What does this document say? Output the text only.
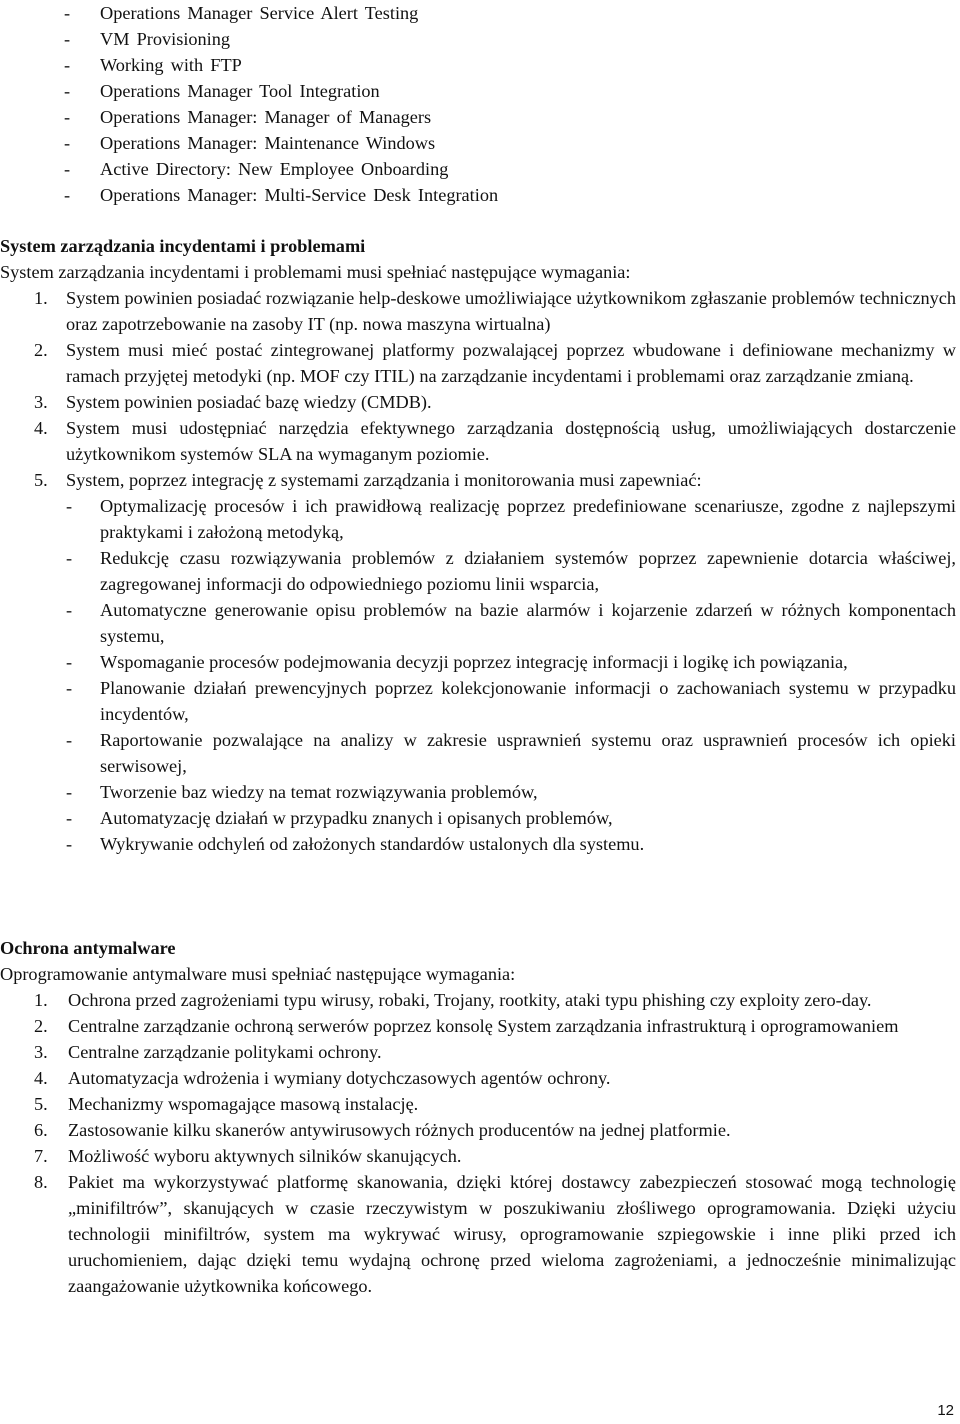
-	Operations Manager Service Alert Testing
-	VM Provisioning
-	Working with FTP
-	Operations Manager Tool Integration
-	Operations Manager: Manager of Managers
-	Operations Manager: Maintenance Windows
-	Active Directory: New Employee Onboarding
-	Operations Manager: Multi-Service Desk Integration

System zarządzania incydentami i problemami

System zarządzania incydentami i problemami musi spełniać następujące wymagania:

1. System powinien posiadać rozwiązanie help-deskowe umożliwiające użytkownikom zgłaszanie problemów technicznych oraz zapotrzebowanie na zasoby IT (np. nowa maszyna wirtualna)
2. System musi mieć postać zintegrowanej platformy pozwalającej poprzez wbudowane i definiowane mechanizmy w ramach przyjętej metodyki (np. MOF czy ITIL) na zarządzanie incydentami i problemami oraz zarządzanie zmianą.
3. System powinien posiadać bazę wiedzy (CMDB).
4. System musi udostępniać narzędzia efektywnego zarządzania dostępnością usług, umożliwiających dostarczenie użytkownikom systemów SLA na wymaganym poziomie.
5. System, poprzez integrację z systemami zarządzania i monitorowania musi zapewniać:

-	Optymalizację procesów i ich prawidłową realizację poprzez predefiniowane scenariusze, zgodne z najlepszymi praktykami i założoną metodyką,
-	Redukcję czasu rozwiązywania problemów z działaniem systemów poprzez zapewnienie dotarcia właściwej, zagregowanej informacji do odpowiedniego poziomu linii wsparcia,
-	Automatyczne generowanie opisu problemów na bazie alarmów i kojarzenie zdarzeń w różnych komponentach systemu,
-	Wspomaganie procesów podejmowania decyzji poprzez integrację informacji i logikę ich powiązania,
-	Planowanie działań prewencyjnych poprzez kolekcjonowanie informacji o zachowaniach systemu w przypadku incydentów,
-	Raportowanie pozwalające na analizy w zakresie usprawnień systemu oraz usprawnień procesów ich opieki serwisowej,
-	Tworzenie baz wiedzy na temat rozwiązywania problemów,
-	Automatyzację działań w przypadku znanych i opisanych problemów,
-	Wykrywanie odchyleń od założonych standardów ustalonych dla systemu.

Ochrona antymalware

Oprogramowanie antymalware musi spełniać następujące wymagania:

1.	Ochrona przed zagrożeniami typu wirusy, robaki, Trojany, rootkity, ataki typu phishing czy exploity zero-day.
2.	Centralne zarządzanie ochroną serwerów poprzez konsolę System zarządzania infrastrukturą i oprogramowaniem
3.	Centralne zarządzanie politykami ochrony.
4.	Automatyzacja wdrożenia i wymiany dotychczasowych agentów ochrony.
5.	Mechanizmy wspomagające masową instalację.
6.	Zastosowanie kilku skanerów antywirusowych różnych producentów na jednej platformie.
7.	Możliwość wyboru aktywnych silników skanujących.
8.	Pakiet ma wykorzystywać platformę skanowania, dzięki której dostawcy zabezpieczeń stosować mogą technologię „minifiltrów”, skanujących w czasie rzeczywistym w poszukiwaniu złośliwego oprogramowania. Dzięki użyciu technologii minifiltrów, system ma wykrywać wirusy, oprogramowanie szpiegowskie i inne pliki przed ich uruchomieniem, dając dzięki temu wydajną ochronę przed wieloma zagrożeniami, a jednocześnie minimalizując zaangażowanie użytkownika końcowego.
12
